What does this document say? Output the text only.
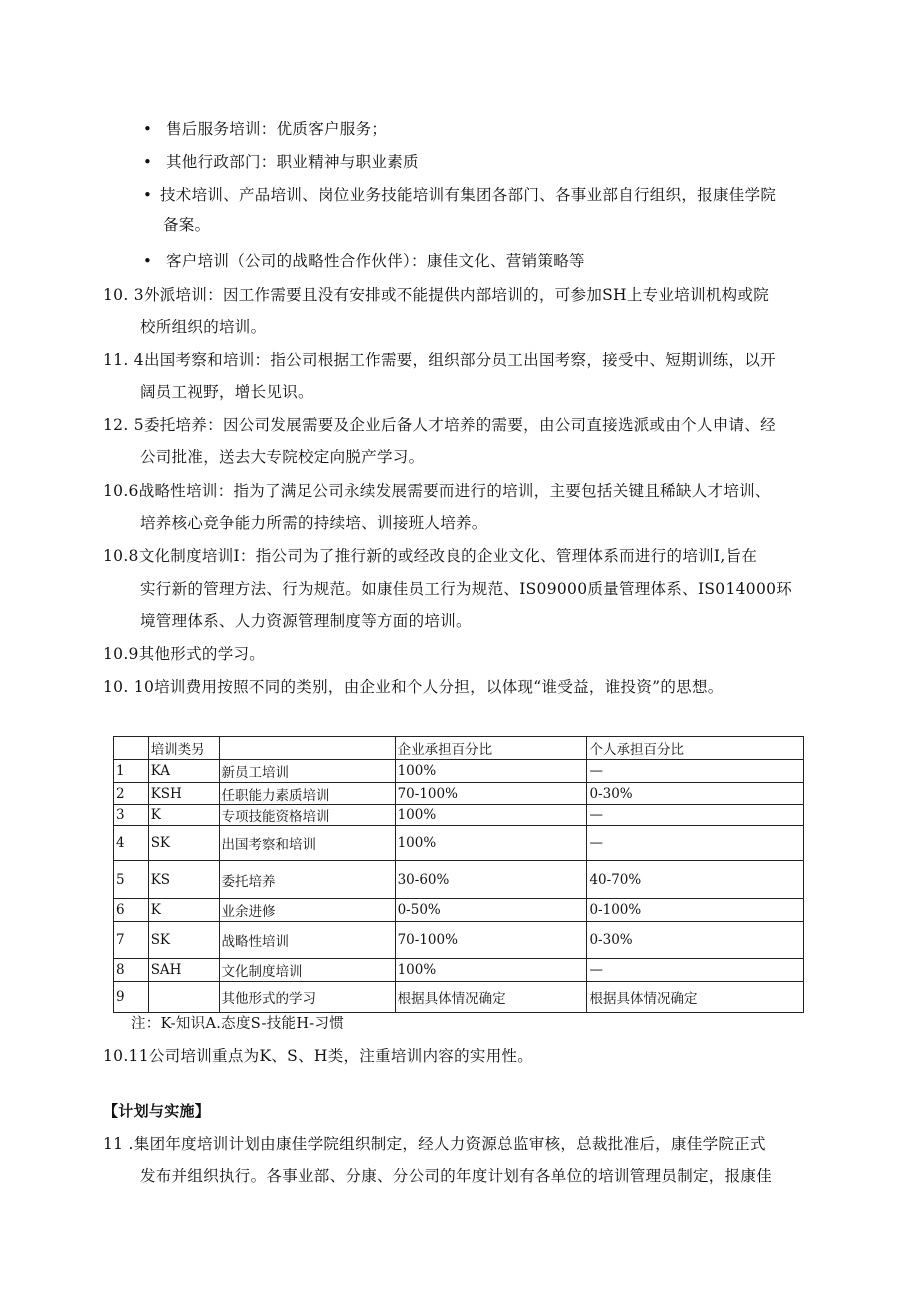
• 售后服务培训：优质客户服务；
• 其他行政部门：职业精神与职业素质
• 技术培训、产品培训、岗位业务技能培训有集团各部门、各事业部自行组织，报康佳学院
备案。
• 客户培训（公司的战略性合作伙伴）：康佳文化、营销策略等
10. 3外派培训：因工作需要且没有安排或不能提供内部培训的，可参加SH上专业培训机构或院
校所组织的培训。
11. 4出国考察和培训：指公司根据工作需要，组织部分员工出国考察，接受中、短期训练，以开
阔员工视野，增长见识。
12. 5委托培养：因公司发展需要及企业后备人才培养的需要，由公司直接选派或由个人申请、经
公司批准，送去大专院校定向脱产学习。
10.6战略性培训：指为了满足公司永续发展需要而进行的培训，主要包括关键且稀缺人才培训、
培养核心竞争能力所需的持续培、训接班人培养。
10.8文化制度培训I：指公司为了推行新的或经改良的企业文化、管理体系而进行的培训I,旨在
实行新的管理方法、行为规范。如康佳员工行为规范、IS09000质量管理体系、IS014000环
境管理体系、人力资源管理制度等方面的培训。
10.9其他形式的学习。
10. 10培训费用按照不同的类别，由企业和个人分担，以体现“谁受益，谁投资”的思想。
	培训类另		企业承担百分比	个人承担百分比
1	KA	新员工培训	100%	—
2	KSH	任职能力素质培训	70-100%	0-30%
3	K	专项技能资格培训	100%	—
4	SK	出国考察和培训	100%	—
5	KS	委托培养	30-60%	40-70%
6	K	业余进修	0-50%	0-100%
7	SK	战略性培训	70-100%	0-30%
8	SAH	文化制度培训	100%	—
9		其他形式的学习	根据具体情况确定	根据具体情况确定
注：K-知识A.态度S-技能H-习惯
10.11公司培训重点为K、S、H类，注重培训内容的实用性。
【计划与实施】
11 .集团年度培训计划由康佳学院组织制定，经人力资源总监审核，总裁批准后，康佳学院正式
发布并组织执行。各事业部、分康、分公司的年度计划有各单位的培训管理员制定，报康佳
